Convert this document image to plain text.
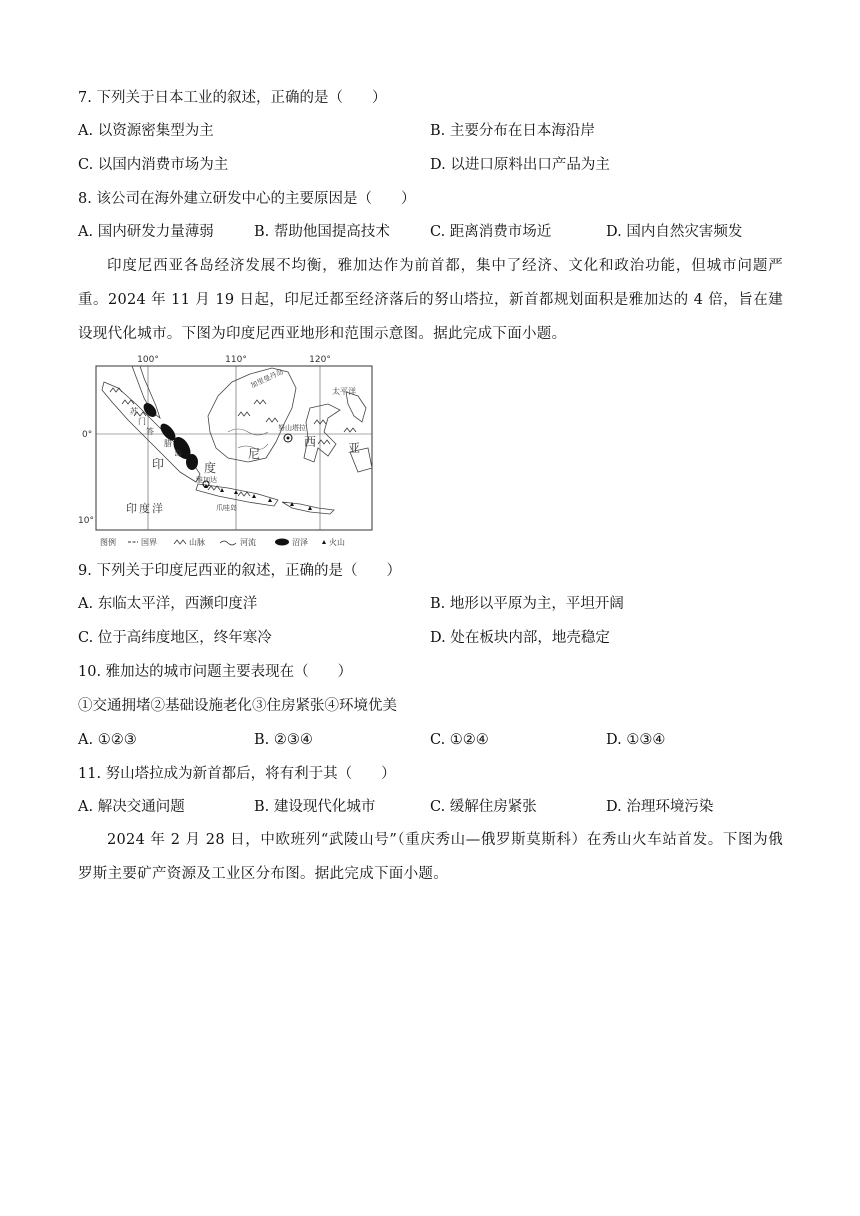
7. 下列关于日本工业的叙述，正确的是（　　）
A. 以资源密集型为主	B. 主要分布在日本海沿岸
C. 以国内消费市场为主	D. 以进口原料出口产品为主
8. 该公司在海外建立研发中心的主要原因是（　　）
A. 国内研发力量薄弱	B. 帮助他国提高技术	C. 距离消费市场近	D. 国内自然灾害频发

印度尼西亚各岛经济发展不均衡，雅加达作为前首都，集中了经济、文化和政治功能，但城市问题严重。2024 年 11 月 19 日起，印尼迁都至经济落后的努山塔拉，新首都规划面积是雅加达的 4 倍，旨在建设现代化城市。下图为印度尼西亚地形和范围示意图。据此完成下面小题。

100°	110°	120°
0°
10°
加里曼丹岛
太平洋
努山塔拉
印	度
尼
西	亚
雅加达
爪哇岛
印度洋
苏
门
答
腊
岛
图例	国界	山脉	河流	沼泽	火山
9. 下列关于印度尼西亚的叙述，正确的是（　　）
A. 东临太平洋，西濒印度洋	B. 地形以平原为主，平坦开阔
C. 位于高纬度地区，终年寒冷	D. 处在板块内部，地壳稳定
10. 雅加达的城市问题主要表现在（　　）
①交通拥堵②基础设施老化③住房紧张④环境优美
A. ①②③	B. ②③④	C. ①②④	D. ①③④
11. 努山塔拉成为新首都后，将有利于其（　　）
A. 解决交通问题	B. 建设现代化城市	C. 缓解住房紧张	D. 治理环境污染

2024 年 2 月 28 日，中欧班列“武陵山号”（重庆秀山—俄罗斯莫斯科）在秀山火车站首发。下图为俄罗斯主要矿产资源及工业区分布图。据此完成下面小题。
